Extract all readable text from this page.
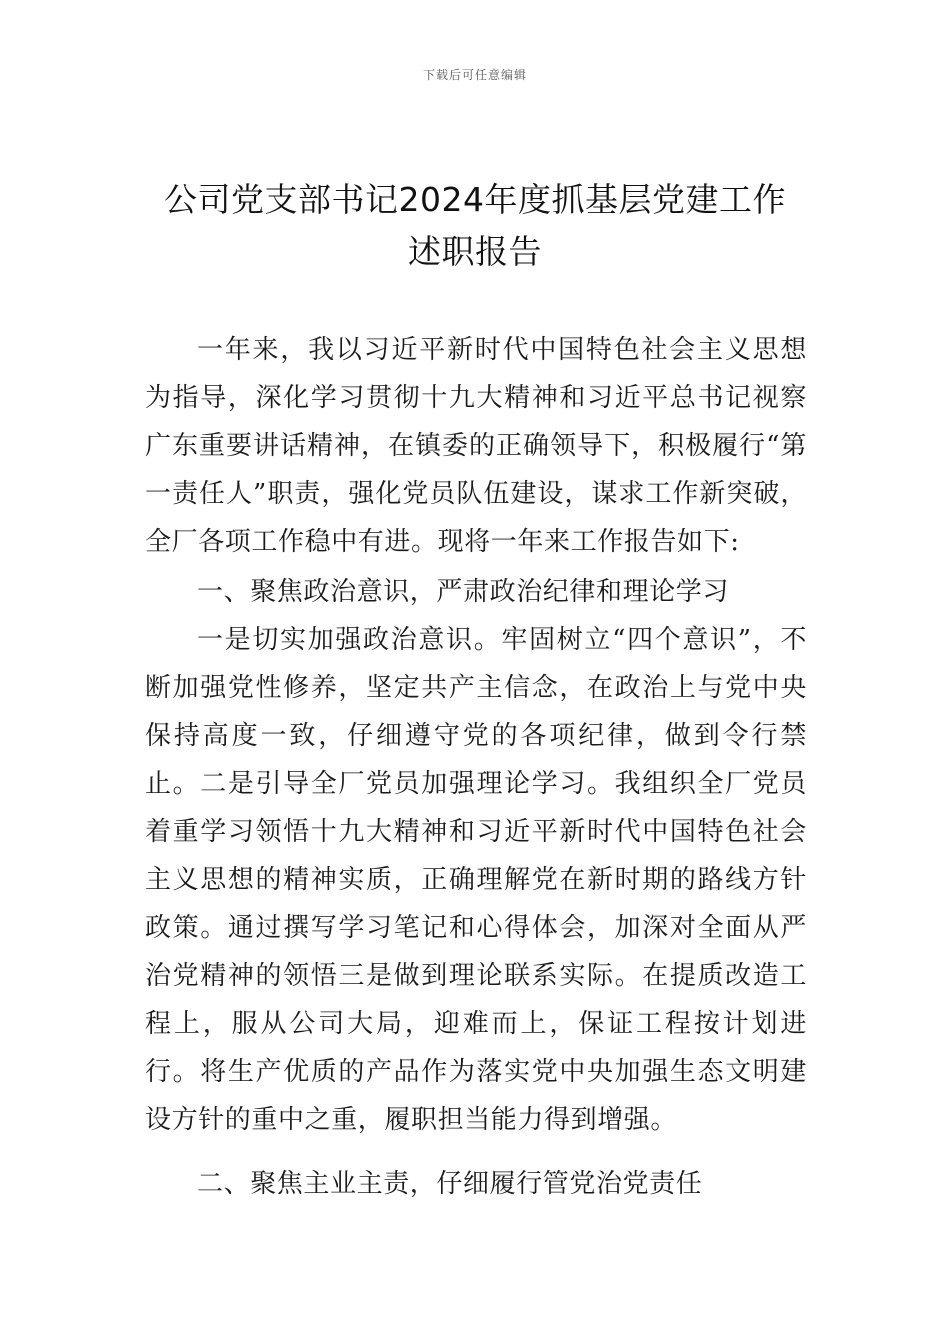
下载后可任意编辑
公司党支部书记2024年度抓基层党建工作
述职报告

一年来，我以习近平新时代中国特色社会主义思想为指导，深化学习贯彻十九大精神和习近平总书记视察广东重要讲话精神，在镇委的正确领导下，积极履行“第一责任人”职责，强化党员队伍建设，谋求工作新突破，全厂各项工作稳中有进。现将一年来工作报告如下:

一、聚焦政治意识，严肃政治纪律和理论学习

一是切实加强政治意识。牢固树立“四个意识”，不断加强党性修养，坚定共产主信念，在政治上与党中央保持高度一致，仔细遵守党的各项纪律，做到令行禁止。二是引导全厂党员加强理论学习。我组织全厂党员着重学习领悟十九大精神和习近平新时代中国特色社会主义思想的精神实质，正确理解党在新时期的路线方针政策。通过撰写学习笔记和心得体会，加深对全面从严治党精神的领悟三是做到理论联系实际。在提质改造工程上，服从公司大局，迎难而上，保证工程按计划进行。将生产优质的产品作为落实党中央加强生态文明建设方针的重中之重，履职担当能力得到增强。

二、聚焦主业主责，仔细履行管党治党责任
